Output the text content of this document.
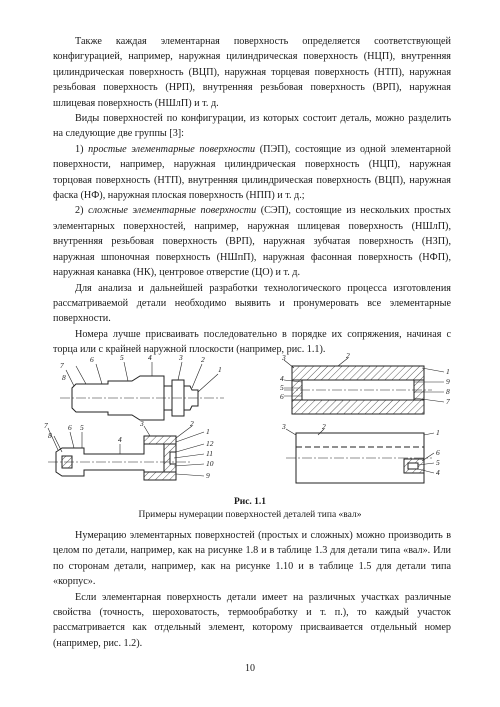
Также каждая элементарная поверхность определяется соответствующей конфигурацией, например, наружная цилиндрическая поверхность (НЦП), внутренняя цилиндрическая поверхность (ВЦП), наружная торцевая поверхность (НТП), наружная резьбовая поверхность (НРП), внутренняя резьбовая поверхность (ВРП), наружная шлицевая поверхность (НШлП) и т. д.

Виды поверхностей по конфигурации, из которых состоит деталь, можно разделить на следующие две группы [3]:

1) простые элементарные поверхности (ПЭП), состоящие из одной элементарной поверхности, например, наружная цилиндрическая поверхность (НЦП), наружная торцовая поверхность (НТП), внутренняя цилиндрическая поверхность (ВЦП), наружная фаска (НФ), наружная плоская поверхность (НПП) и т. д.;

2) сложные элементарные поверхности (СЭП), состоящие из нескольких простых элементарных поверхностей, например, наружная шлицевая поверхность (НШлП), внутренняя резьбовая поверхность (ВРП), наружная зубчатая поверхность (НЗП), наружная шпоночная поверхность (НШпП), наружная фасонная поверхность (НФП), наружная канавка (НК), центровое отверстие (ЦО) и т. д.

Для анализа и дальнейшей разработки технологического процесса изготовления рассматриваемой детали необходимо выявить и пронумеровать все элементарные поверхности.

Номера лучше присваивать последовательно в порядке их сопряжения, начиная с торца или с крайней наружной плоскости (например, рис. 1.1).

7
8
6	5	4	3 2
1
3	2
4
5
6
1
9
8
7
7
8
6 5
4
3	2
1
12
11
10
9
3	2
1
6
5
4
Рис. 1.1
Примеры нумерации поверхностей деталей типа «вал»

Нумерацию элементарных поверхностей (простых и сложных) можно производить в целом по детали, например, как на рисунке 1.8 и в таблице 1.3 для детали типа «вал». Или по сторонам детали, например, как на рисунке 1.10 и в таблице 1.5 для детали типа «корпус».

Если элементарная поверхность детали имеет на различных участках различные свойства (точность, шероховатость, термообработку и т. п.), то каждый участок рассматривается как отдельный элемент, которому присваивается отдельный номер (например, рис. 1.2).

10
